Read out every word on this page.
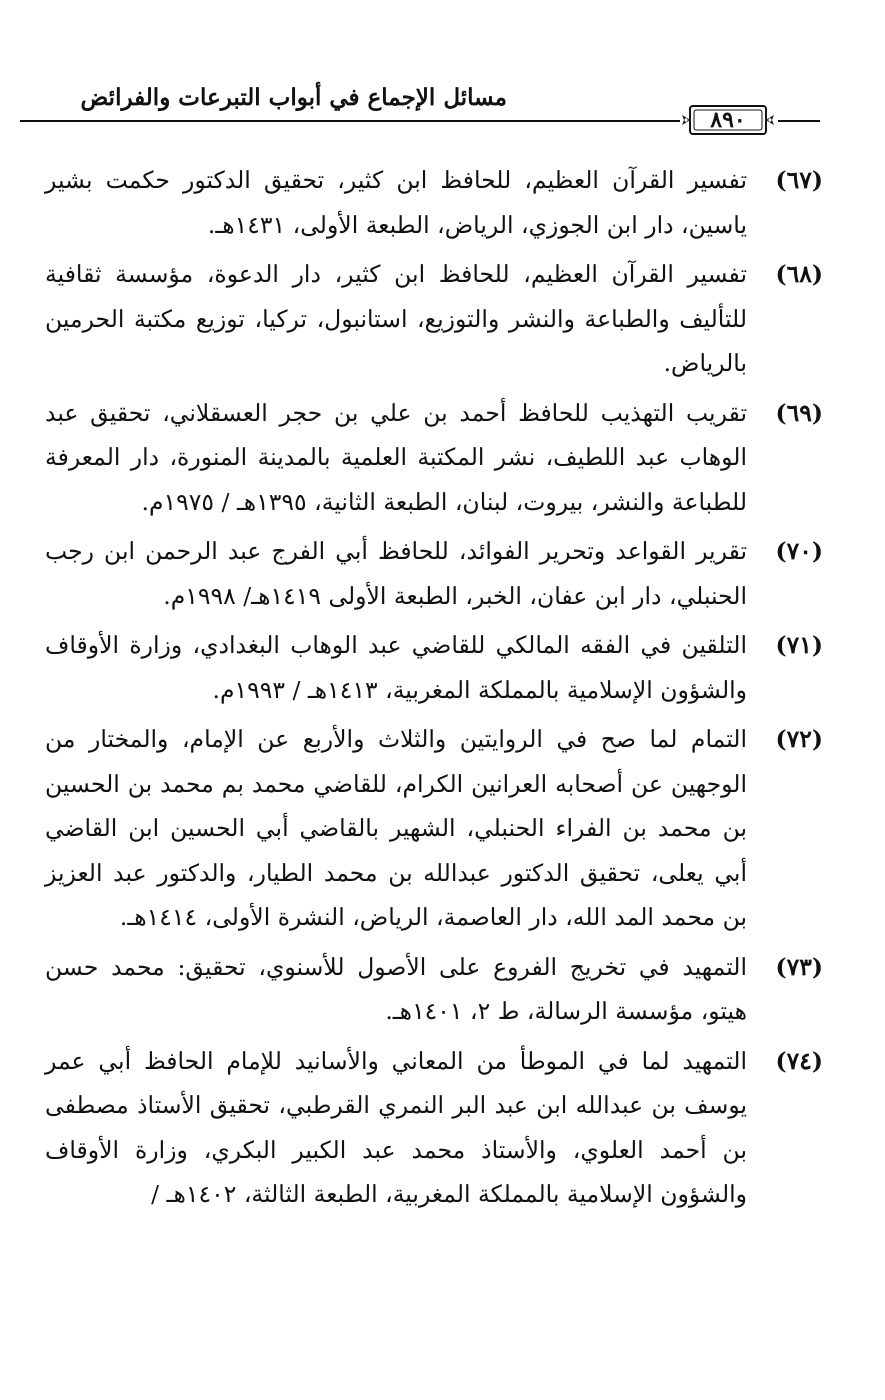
مسائل الإجماع في أبواب التبرعات والفرائض
٨٩٠
(٦٧)
تفسير القرآن العظيم، للحافظ ابن كثير، تحقيق الدكتور حكمت بشير ياسين، دار ابن الجوزي، الرياض، الطبعة الأولى، ١٤٣١هـ.
(٦٨)
تفسير القرآن العظيم، للحافظ ابن كثير، دار الدعوة، مؤسسة ثقافية للتأليف والطباعة والنشر والتوزيع، استانبول، تركيا، توزيع مكتبة الحرمين بالرياض.
(٦٩)
تقريب التهذيب للحافظ أحمد بن علي بن حجر العسقلاني، تحقيق عبد الوهاب عبد اللطيف، نشر المكتبة العلمية بالمدينة المنورة، دار المعرفة للطباعة والنشر، بيروت، لبنان، الطبعة الثانية، ١٣٩٥هـ / ١٩٧٥م.
(٧٠)
تقرير القواعد وتحرير الفوائد، للحافظ أبي الفرج عبد الرحمن ابن رجب الحنبلي، دار ابن عفان، الخبر، الطبعة الأولى ١٤١٩هـ/ ١٩٩٨م.
(٧١)
التلقين في الفقه المالكي للقاضي عبد الوهاب البغدادي، وزارة الأوقاف والشؤون الإسلامية بالمملكة المغربية، ١٤١٣هـ / ١٩٩٣م.
(٧٢)
التمام لما صح في الروايتين والثلاث والأربع عن الإمام، والمختار من الوجهين عن أصحابه العرانين الكرام، للقاضي محمد بم محمد بن الحسين بن محمد بن الفراء الحنبلي، الشهير بالقاضي أبي الحسين ابن القاضي أبي يعلى، تحقيق الدكتور عبدالله بن محمد الطيار، والدكتور عبد العزيز بن محمد المد الله، دار العاصمة، الرياض، النشرة الأولى، ١٤١٤هـ.
(٧٣)
التمهيد في تخريج الفروع على الأصول للأسنوي، تحقيق: محمد حسن هيتو، مؤسسة الرسالة، ط ٢، ١٤٠١هـ.
(٧٤)
التمهيد لما في الموطأ من المعاني والأسانيد للإمام الحافظ أبي عمر يوسف بن عبدالله ابن عبد البر النمري القرطبي، تحقيق الأستاذ مصطفى بن أحمد العلوي، والأستاذ محمد عبد الكبير البكري، وزارة الأوقاف والشؤون الإسلامية بالمملكة المغربية، الطبعة الثالثة، ١٤٠٢هـ /
